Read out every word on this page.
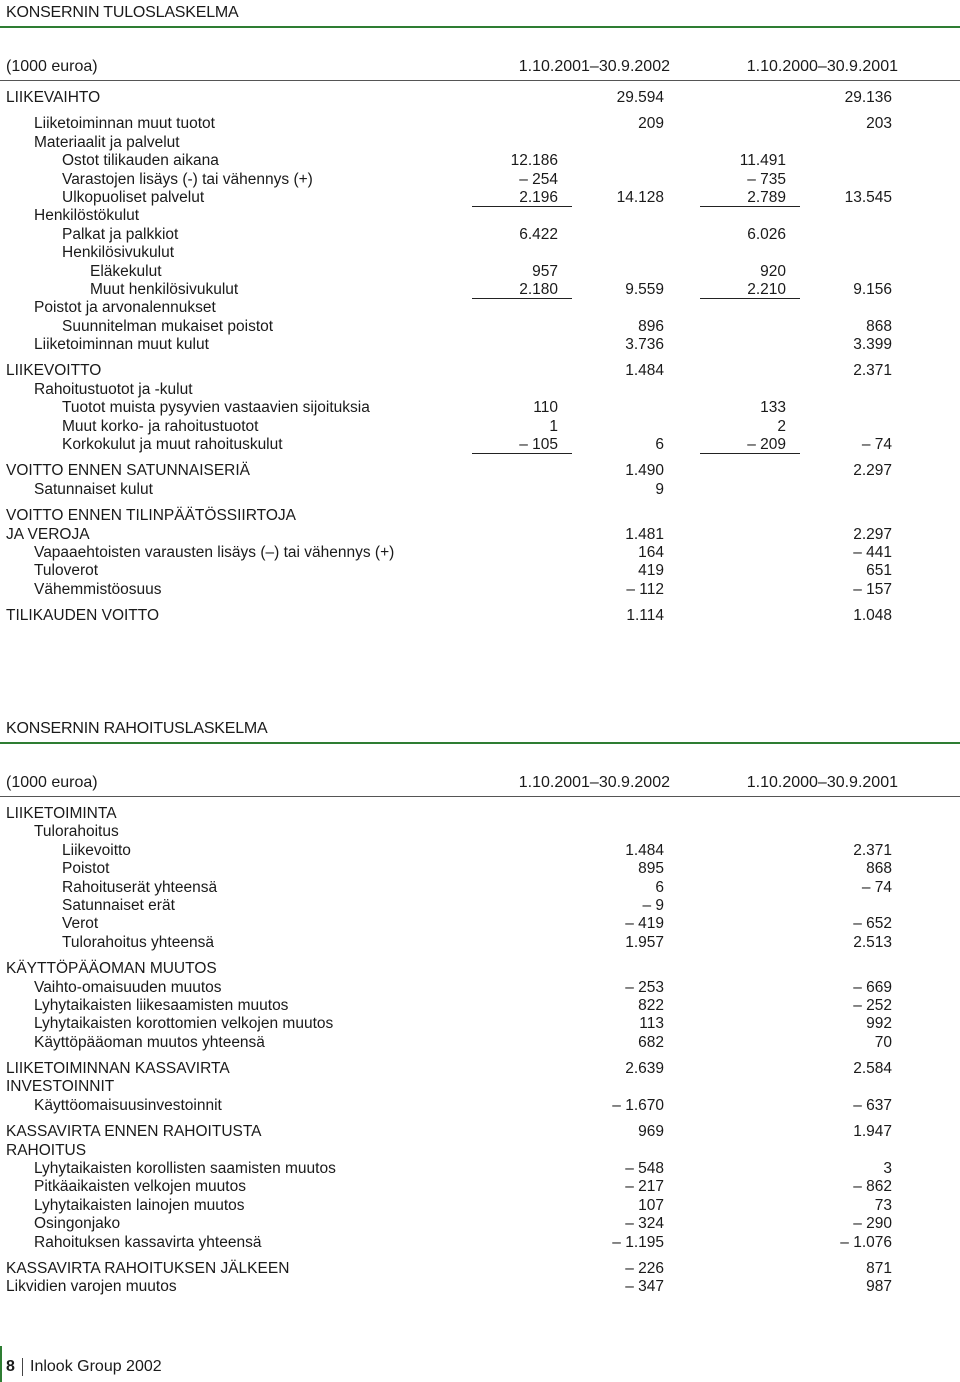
KONSERNIN TULOSLASKELMA
(1000 euroa)	1.10.2001–30.9.2002	1.10.2000–30.9.2001
LIIKEVAIHTO	29.594	29.136
Liiketoiminnan muut tuotot	209	203
Materiaalit ja palvelut
Ostot tilikauden aikana	12.186	11.491
Varastojen lisäys (-) tai vähennys (+)	– 254	– 735
Ulkopuoliset palvelut	2.196	14.128	2.789	13.545
Henkilöstökulut
Palkat ja palkkiot	6.422	6.026
Henkilösivukulut
Eläkekulut	957	920
Muut henkilösivukulut	2.180	9.559	2.210	9.156
Poistot ja arvonalennukset
Suunnitelman mukaiset poistot	896	868
Liiketoiminnan muut kulut	3.736	3.399
LIIKEVOITTO	1.484	2.371
Rahoitustuotot ja -kulut
Tuotot muista pysyvien vastaavien sijoituksia	110	133
Muut korko- ja rahoitustuotot	1	2
Korkokulut ja muut rahoituskulut	– 105	6	– 209	– 74
VOITTO ENNEN SATUNNAISERIÄ	1.490	2.297
Satunnaiset kulut	9
VOITTO ENNEN TILINPÄÄTÖSSIIRTOJA
JA VEROJA	1.481	2.297
Vapaaehtoisten varausten lisäys (–) tai vähennys (+)	164	– 441
Tuloverot	419	651
Vähemmistöosuus	– 112	– 157
TILIKAUDEN VOITTO	1.114	1.048
KONSERNIN RAHOITUSLASKELMA
(1000 euroa)	1.10.2001–30.9.2002	1.10.2000–30.9.2001
LIIKETOIMINTA
Tulorahoitus
Liikevoitto	1.484	2.371
Poistot	895	868
Rahoituserät yhteensä	6	– 74
Satunnaiset erät	– 9
Verot	– 419	– 652
Tulorahoitus yhteensä	1.957	2.513
KÄYTTÖPÄÄOMAN MUUTOS
Vaihto-omaisuuden muutos	– 253	– 669
Lyhytaikaisten liikesaamisten muutos	822	– 252
Lyhytaikaisten korottomien velkojen muutos	113	992
Käyttöpääoman muutos yhteensä	682	70
LIIKETOIMINNAN KASSAVIRTA	2.639	2.584
INVESTOINNIT
Käyttöomaisuusinvestoinnit	– 1.670	– 637
KASSAVIRTA ENNEN RAHOITUSTA	969	1.947
RAHOITUS
Lyhytaikaisten korollisten saamisten muutos	– 548	3
Pitkäaikaisten velkojen muutos	– 217	– 862
Lyhytaikaisten lainojen muutos	107	73
Osingonjako	– 324	– 290
Rahoituksen kassavirta yhteensä	– 1.195	– 1.076
KASSAVIRTA RAHOITUKSEN JÄLKEEN	– 226	871
Likvidien varojen muutos	– 347	987
8 Inlook Group 2002
